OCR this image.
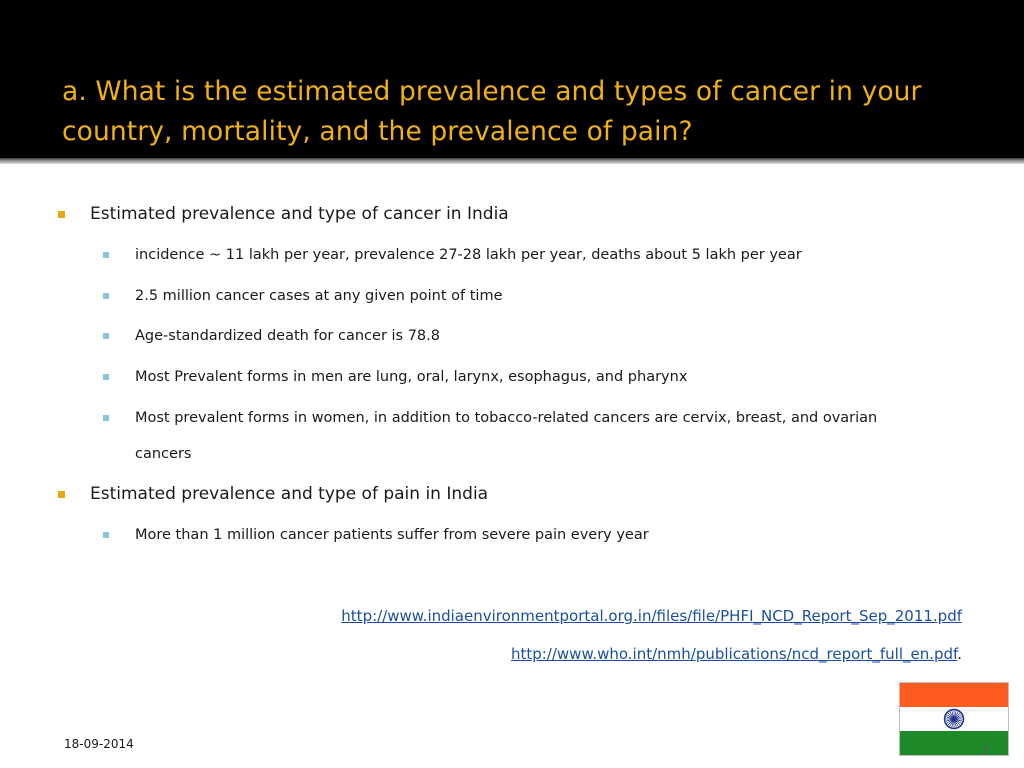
a. What is the estimated prevalence and types of cancer in your country, mortality, and the prevalence of pain?
Estimated prevalence and type of cancer in India
incidence ~ 11 lakh per year, prevalence 27-28 lakh per year, deaths about 5 lakh per year
2.5 million cancer cases at any given point of time
Age-standardized death for cancer is 78.8
Most Prevalent forms in men are lung, oral, larynx, esophagus, and pharynx
Most prevalent forms in women, in addition to tobacco-related cancers are cervix, breast, and ovarian cancers
Estimated prevalence and type of pain in India
More than 1 million cancer patients suffer from severe pain every year
http://www.indiaenvironmentportal.org.in/files/file/PHFI_NCD_Report_Sep_2011.pdf
http://www.who.int/nmh/publications/ncd_report_full_en.pdf.
18-09-2014	3
